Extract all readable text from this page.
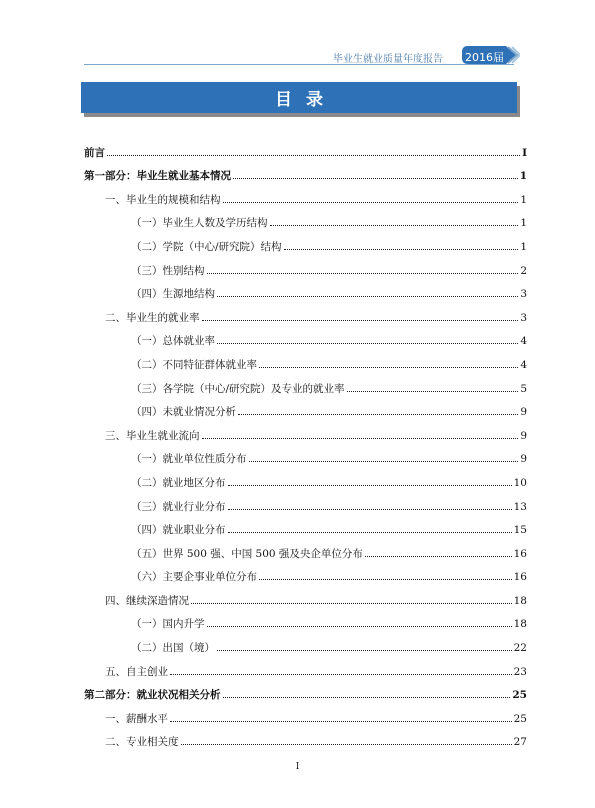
毕业生就业质量年度报告 2016届
目录
前言	I
第一部分：毕业生就业基本情况	1
一、毕业生的规模和结构	1
（一）毕业生人数及学历结构	1
（二）学院（中心/研究院）结构	1
（三）性别结构	2
（四）生源地结构	3
二、毕业生的就业率	3
（一）总体就业率	4
（二）不同特征群体就业率	4
（三）各学院（中心/研究院）及专业的就业率	5
（四）未就业情况分析	9
三、毕业生就业流向	9
（一）就业单位性质分布	9
（二）就业地区分布	10
（三）就业行业分布	13
（四）就业职业分布	15
（五）世界 500 强、中国 500 强及央企单位分布	16
（六）主要企事业单位分布	16
四、继续深造情况	18
（一）国内升学	18
（二）出国（境）	22
五、自主创业	23
第二部分：就业状况相关分析	25
一、薪酬水平	25
二、专业相关度	27
I
